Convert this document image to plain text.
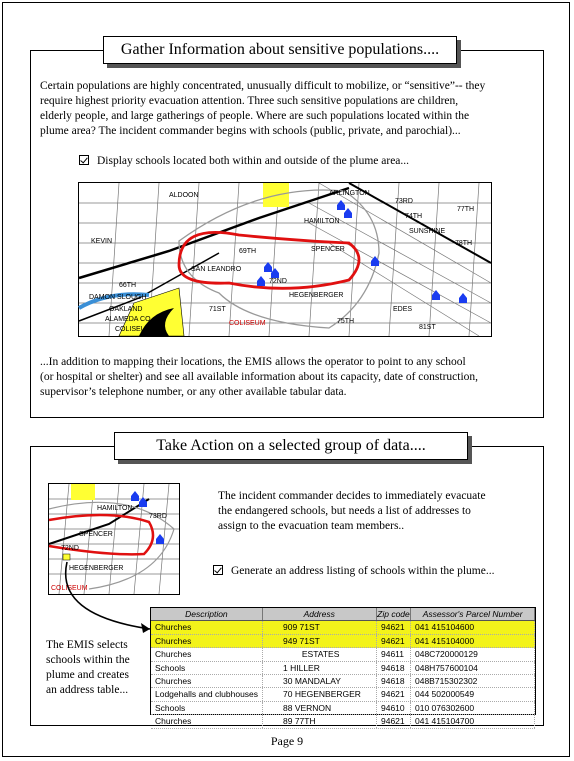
Gather Information about sensitive populations....
Certain populations are highly concentrated, unusually difficult to mobilize, or “sensitive”-- they
require highest priority evacuation attention. Three such sensitive populations are children,
elderly people, and large gatherings of people. Where are such populations located within the
plume area? The incident commander begins with schools (public, private, and parochial)...
Display schools located both within and outside of the plume area...
ARLINGTON
HAMILTON
73RD
74TH
SUNSHINE
77TH
78TH
ALDOON
KEVIN
66TH
69TH	SPENCER
72ND
SAN LEANDRO
HEGENBERGER
75TH
DAMON SLOUGH
OAKLAND
ALAMEDA CO.
COLISEUM
COLISEUM
71ST	EDES
81ST
...In addition to mapping their locations, the EMIS allows the operator to point to any school
(or hospital or shelter) and see all available information about its capacity, date of construction,
supervisor’s telephone number, or any other available tabular data.
Take Action on a selected group of data....
HAMILTON
73RD
SPENCER
72ND
HEGENBERGER
COLISEUM
The incident commander decides to immediately evacuate
the endangered schools, but needs a list of addresses to
assign to the evacuation team members..
Generate an address listing of schools within the plume...
The EMIS selects
schools within the
plume and creates
an address table...
Description	Address	Zip code	Assessor's Parcel Number
Churches	909 71ST	94621	041 415104600
Churches	949 71ST	94621	041 415104000
Churches	ESTATES	94611	048C720000129
Schools	1 HILLER	94618	048H757600104
Churches	30 MANDALAY	94618	048B715302302
Lodgehalls and clubhouses	70 HEGENBERGER	94621	044 502000549
Schools	88 VERNON	94610	010 076302600
Churches	89 77TH	94621	041 415104700
Page 9
